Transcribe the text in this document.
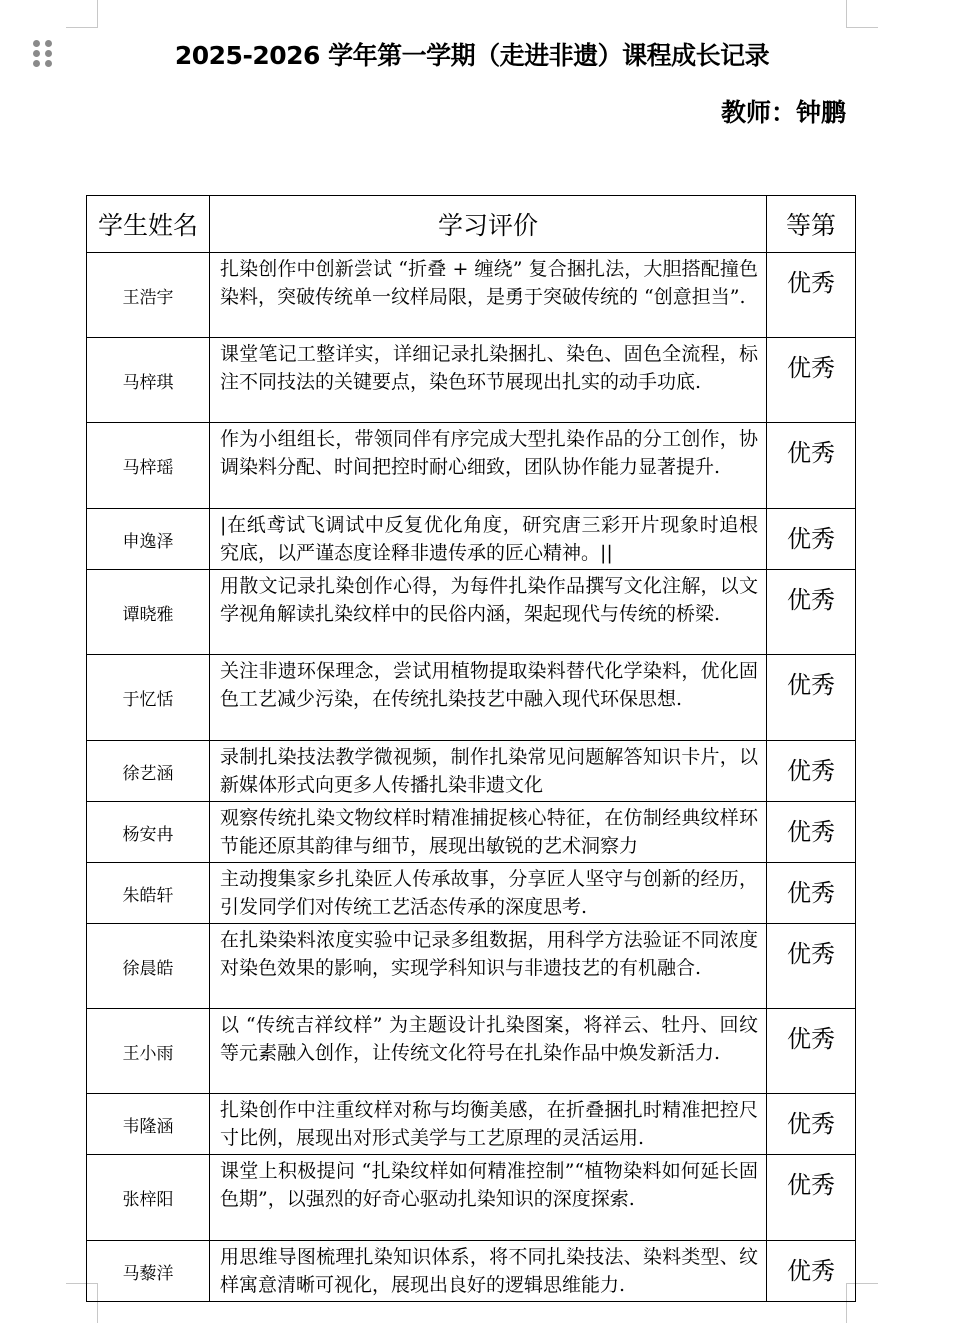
2025-2026 学年第一学期（走进非遗）课程成长记录
教师：钟鹏
学生姓名	学习评价	等第
王浩宇	扎染创作中创新尝试 “折叠 + 缠绕” 复合捆扎法，大胆搭配撞色染料，突破传统单一纹样局限，是勇于突破传统的 “创意担当”.	优秀
马梓琪	课堂笔记工整详实，详细记录扎染捆扎、染色、固色全流程，标注不同技法的关键要点，染色环节展现出扎实的动手功底.	优秀
马梓瑶	作为小组组长，带领同伴有序完成大型扎染作品的分工创作，协调染料分配、时间把控时耐心细致，团队协作能力显著提升.	优秀
申逸泽	|在纸鸢试飞调试中反复优化角度，研究唐三彩开片现象时追根究底，以严谨态度诠释非遗传承的匠心精神。||	优秀
谭晓雅	用散文记录扎染创作心得，为每件扎染作品撰写文化注解，以文学视角解读扎染纹样中的民俗内涵，架起现代与传统的桥梁.	优秀
于忆恬	关注非遗环保理念，尝试用植物提取染料替代化学染料，优化固色工艺减少污染，在传统扎染技艺中融入现代环保思想.	优秀
徐艺涵	录制扎染技法教学微视频，制作扎染常见问题解答知识卡片，以新媒体形式向更多人传播扎染非遗文化	优秀
杨安冉	观察传统扎染文物纹样时精准捕捉核心特征，在仿制经典纹样环节能还原其韵律与细节，展现出敏锐的艺术洞察力	优秀
朱皓轩	主动搜集家乡扎染匠人传承故事，分享匠人坚守与创新的经历，引发同学们对传统工艺活态传承的深度思考.	优秀
徐晨皓	在扎染染料浓度实验中记录多组数据，用科学方法验证不同浓度对染色效果的影响，实现学科知识与非遗技艺的有机融合.	优秀
王小雨	以 “传统吉祥纹样” 为主题设计扎染图案，将祥云、牡丹、回纹等元素融入创作，让传统文化符号在扎染作品中焕发新活力.	优秀
韦隆涵	扎染创作中注重纹样对称与均衡美感，在折叠捆扎时精准把控尺寸比例，展现出对形式美学与工艺原理的灵活运用.	优秀
张梓阳	课堂上积极提问 “扎染纹样如何精准控制”“植物染料如何延长固色期”，以强烈的好奇心驱动扎染知识的深度探索.	优秀
马藜洋	用思维导图梳理扎染知识体系，将不同扎染技法、染料类型、纹样寓意清晰可视化，展现出良好的逻辑思维能力.	优秀
